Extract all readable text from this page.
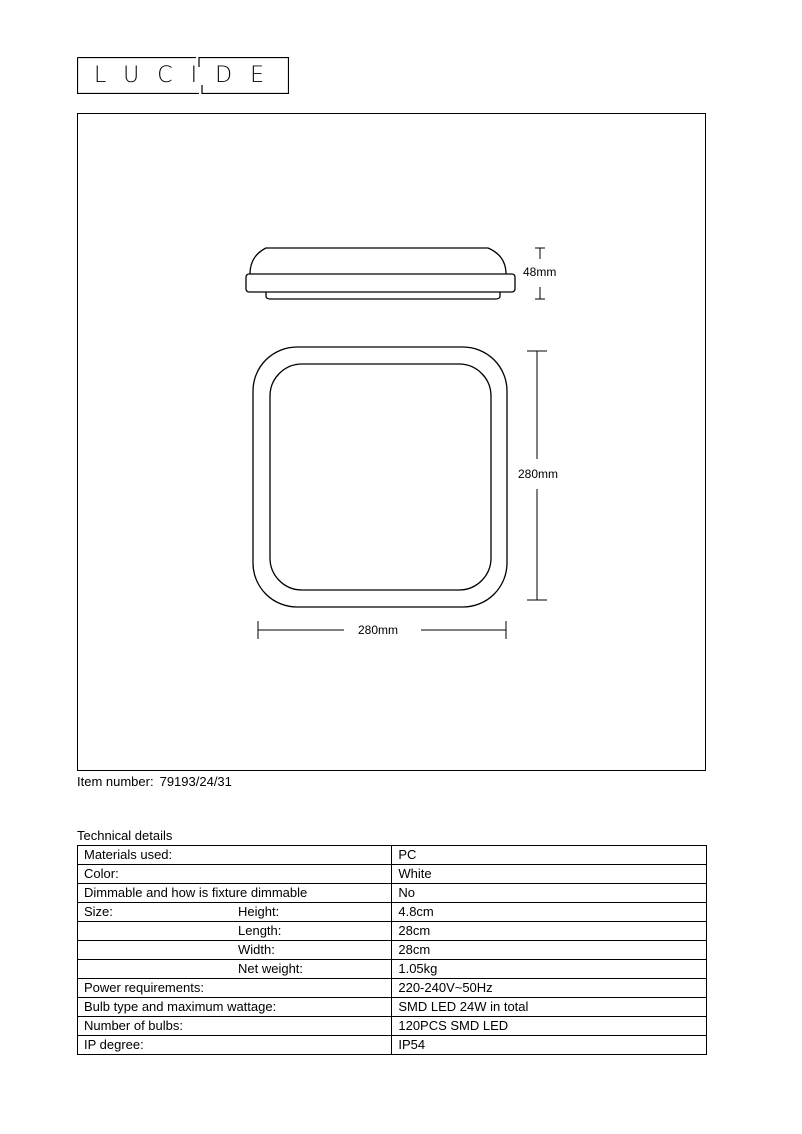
LUCIDE
48mm
280mm
280mm
Item number: 79193/24/31
Technical details
Materials used:	PC
Color:	White
Dimmable and how is fixture dimmable	No
Size: Height:	4.8cm

Length:	28cm

Width:	28cm

Net weight:	1.05kg
Power requirements:	220-240V~50Hz
Bulb type and maximum wattage:	SMD LED 24W in total
Number of bulbs:	120PCS SMD LED
IP degree:	IP54
